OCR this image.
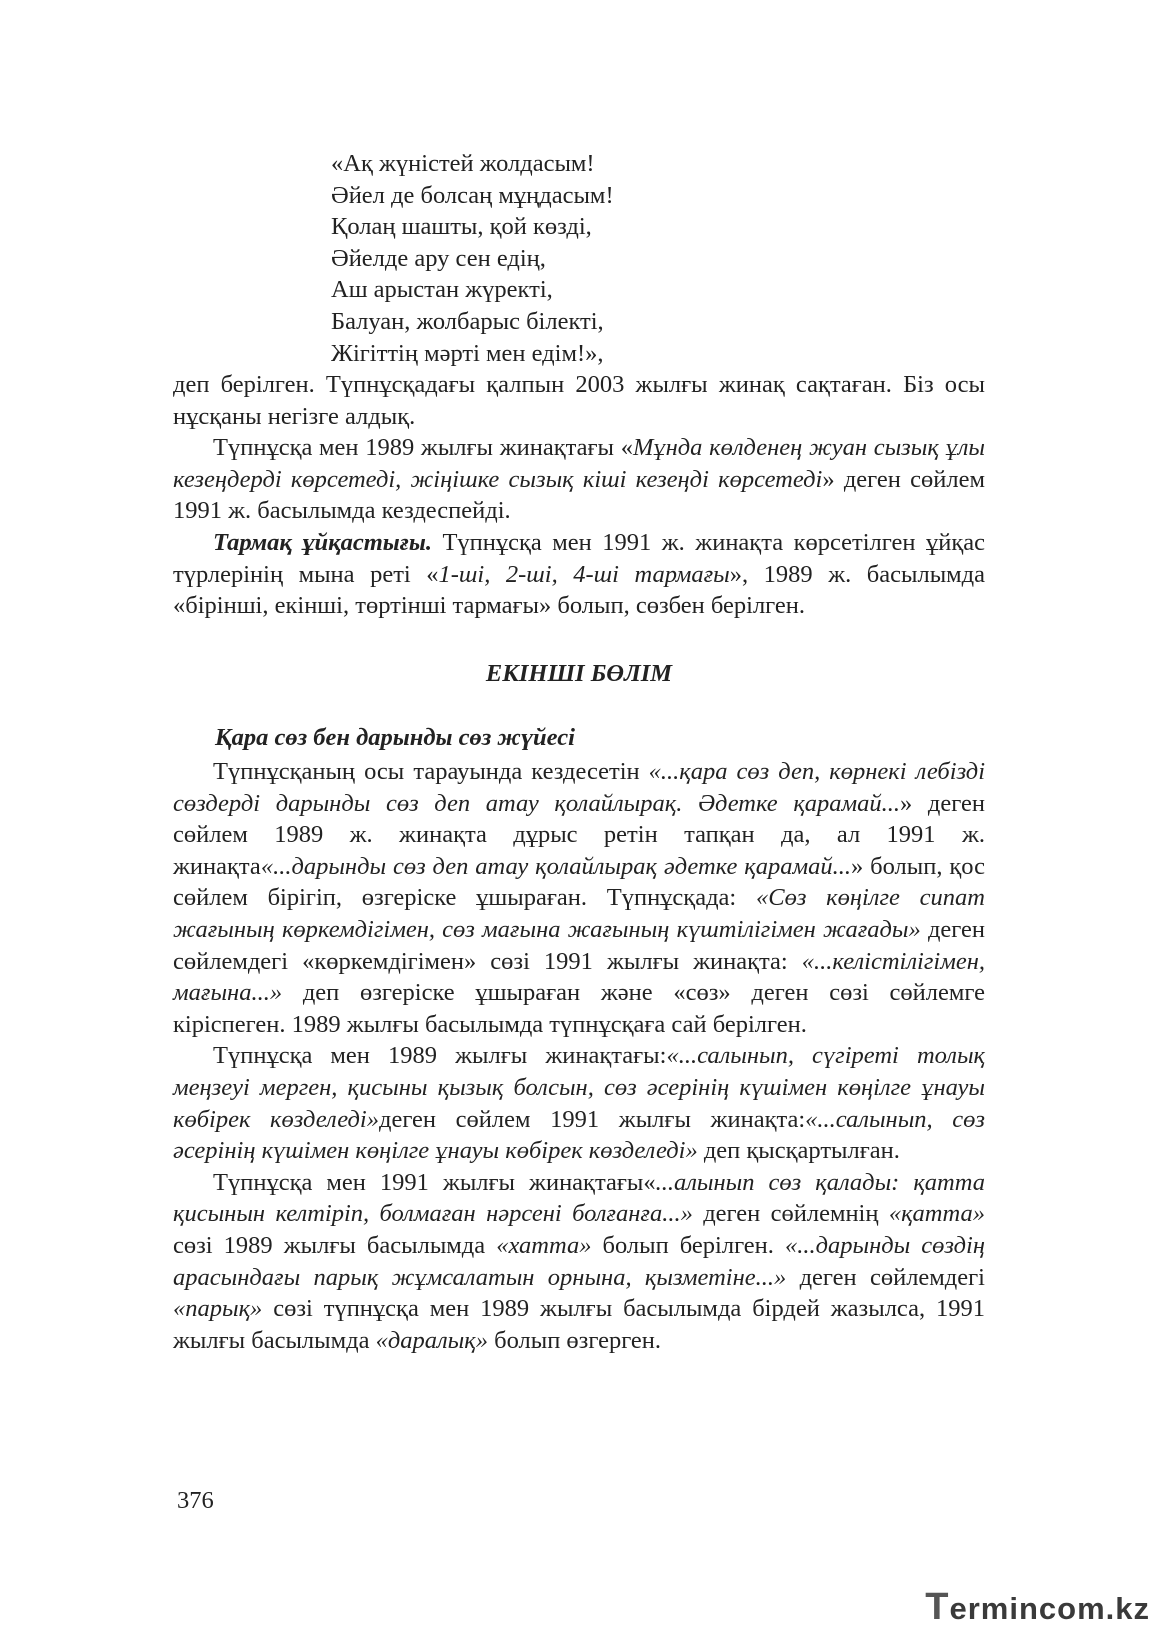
«Ақ жүністей жолдасым!
Әйел де болсаң мұңдасым!
Қолаң шашты, қой көзді,
Әйелде ару сен едің,
Аш арыстан жүректі,
Балуан, жолбарыс білекті,
Жігіттің мәрті мен едім!»,

деп берілген. Түпнұсқадағы қалпын 2003 жылғы жинақ сақтаған. Біз осы нұсқаны негізге алдық.

Түпнұсқа мен 1989 жылғы жинақтағы «Мұнда көлденең жуан сызық ұлы кезеңдерді көрсетеді, жіңішке сызық кіші кезеңді көрсетеді» деген сөйлем 1991 ж. басылымда кездеспейді.

Тармақ ұйқастығы. Түпнұсқа мен 1991 ж. жинақта көрсетілген ұйқас түрлерінің мына реті «1-ші, 2-ші, 4-ші тармағы», 1989 ж. басылымда «бірінші, екінші, төртінші тармағы» болып, сөзбен берілген.

ЕКІНШІ БӨЛІМ
Қара сөз бен дарынды сөз жүйесі

Түпнұсқаның осы тарауында кездесетін «...қара сөз деп, көрнекі лебізді сөздерді дарынды сөз деп атау қолайлырақ. Әдетке қарамай...» деген сөйлем 1989 ж. жинақта дұрыс ретін тапқан да, ал 1991 ж. жинақта«...дарынды сөз деп атау қолайлырақ әдетке қарамай...» болып, қос сөйлем бірігіп, өзгеріске ұшыраған. Түпнұсқада: «Сөз көңілге сипат жағының көркемдігімен, сөз мағына жағының күштілігімен жағады» деген сөйлемдегі «көркемдігімен» сөзі 1991 жылғы жинақта: «...келістілігімен, мағына...» деп өзгеріске ұшыраған және «сөз» деген сөзі сөйлемге кіріспеген. 1989 жылғы басылымда түпнұсқаға сай берілген.

Түпнұсқа мен 1989 жылғы жинақтағы:«...салынып, сүгіреті толық меңзеуі мерген, қисыны қызық болсын, сөз әсерінің күшімен көңілге ұнауы көбірек көзделеді»деген сөйлем 1991 жылғы жинақта:«...салынып, сөз әсерінің күшімен көңілге ұнауы көбірек көзделеді» деп қысқартылған.

Түпнұсқа мен 1991 жылғы жинақтағы«...алынып сөз қалады: қатта қисынын келтіріп, болмаған нәрсені болғанға...» деген сөйлемнің «қатта» сөзі 1989 жылғы басылымда «хатта» болып берілген. «...дарынды сөздің арасындағы парық жұмсалатын орнына, қызметіне...» деген сөйлемдегі «парық» сөзі түпнұсқа мен 1989 жылғы басылымда бірдей жазылса, 1991 жылғы басылымда «даралық» болып өзгерген.

376
Termincom.kz
